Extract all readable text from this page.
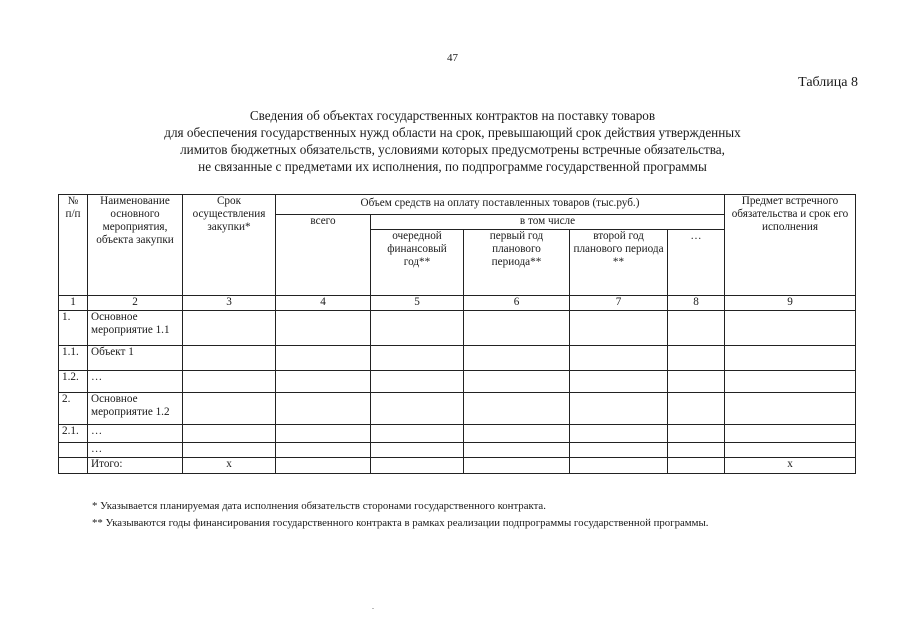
47
Таблица 8
Сведения об объектах государственных контрактов на поставку товаров
для обеспечения государственных нужд области на срок, превышающий срок действия утвержденных
лимитов бюджетных обязательств, условиями которых предусмотрены встречные обязательства,
не связанные с предметами их исполнения, по подпрограмме государственной программы
№ п/п	Наименование основного мероприятия, объекта закупки	Срок осуществления закупки*	Объем средств на оплату поставленных товаров (тыс.руб.)					Предмет встречного обязательства и срок его исполнения
			всего	в том числе				
				очередной финансовый год**	первый год планового периода**	второй год планового периода **	…	
1	2	3	4	5	6	7	8	9
1.	Основное мероприятие 1.1							
1.1.	Объект 1							
1.2.	…							
2.	Основное мероприятие 1.2							
2.1.	…							
	…							
	Итого:	x						x
* Указывается планируемая дата исполнения обязательств сторонами государственного контракта.
** Указываются годы финансирования государственного контракта в рамках реализации подпрограммы государственной программы.
